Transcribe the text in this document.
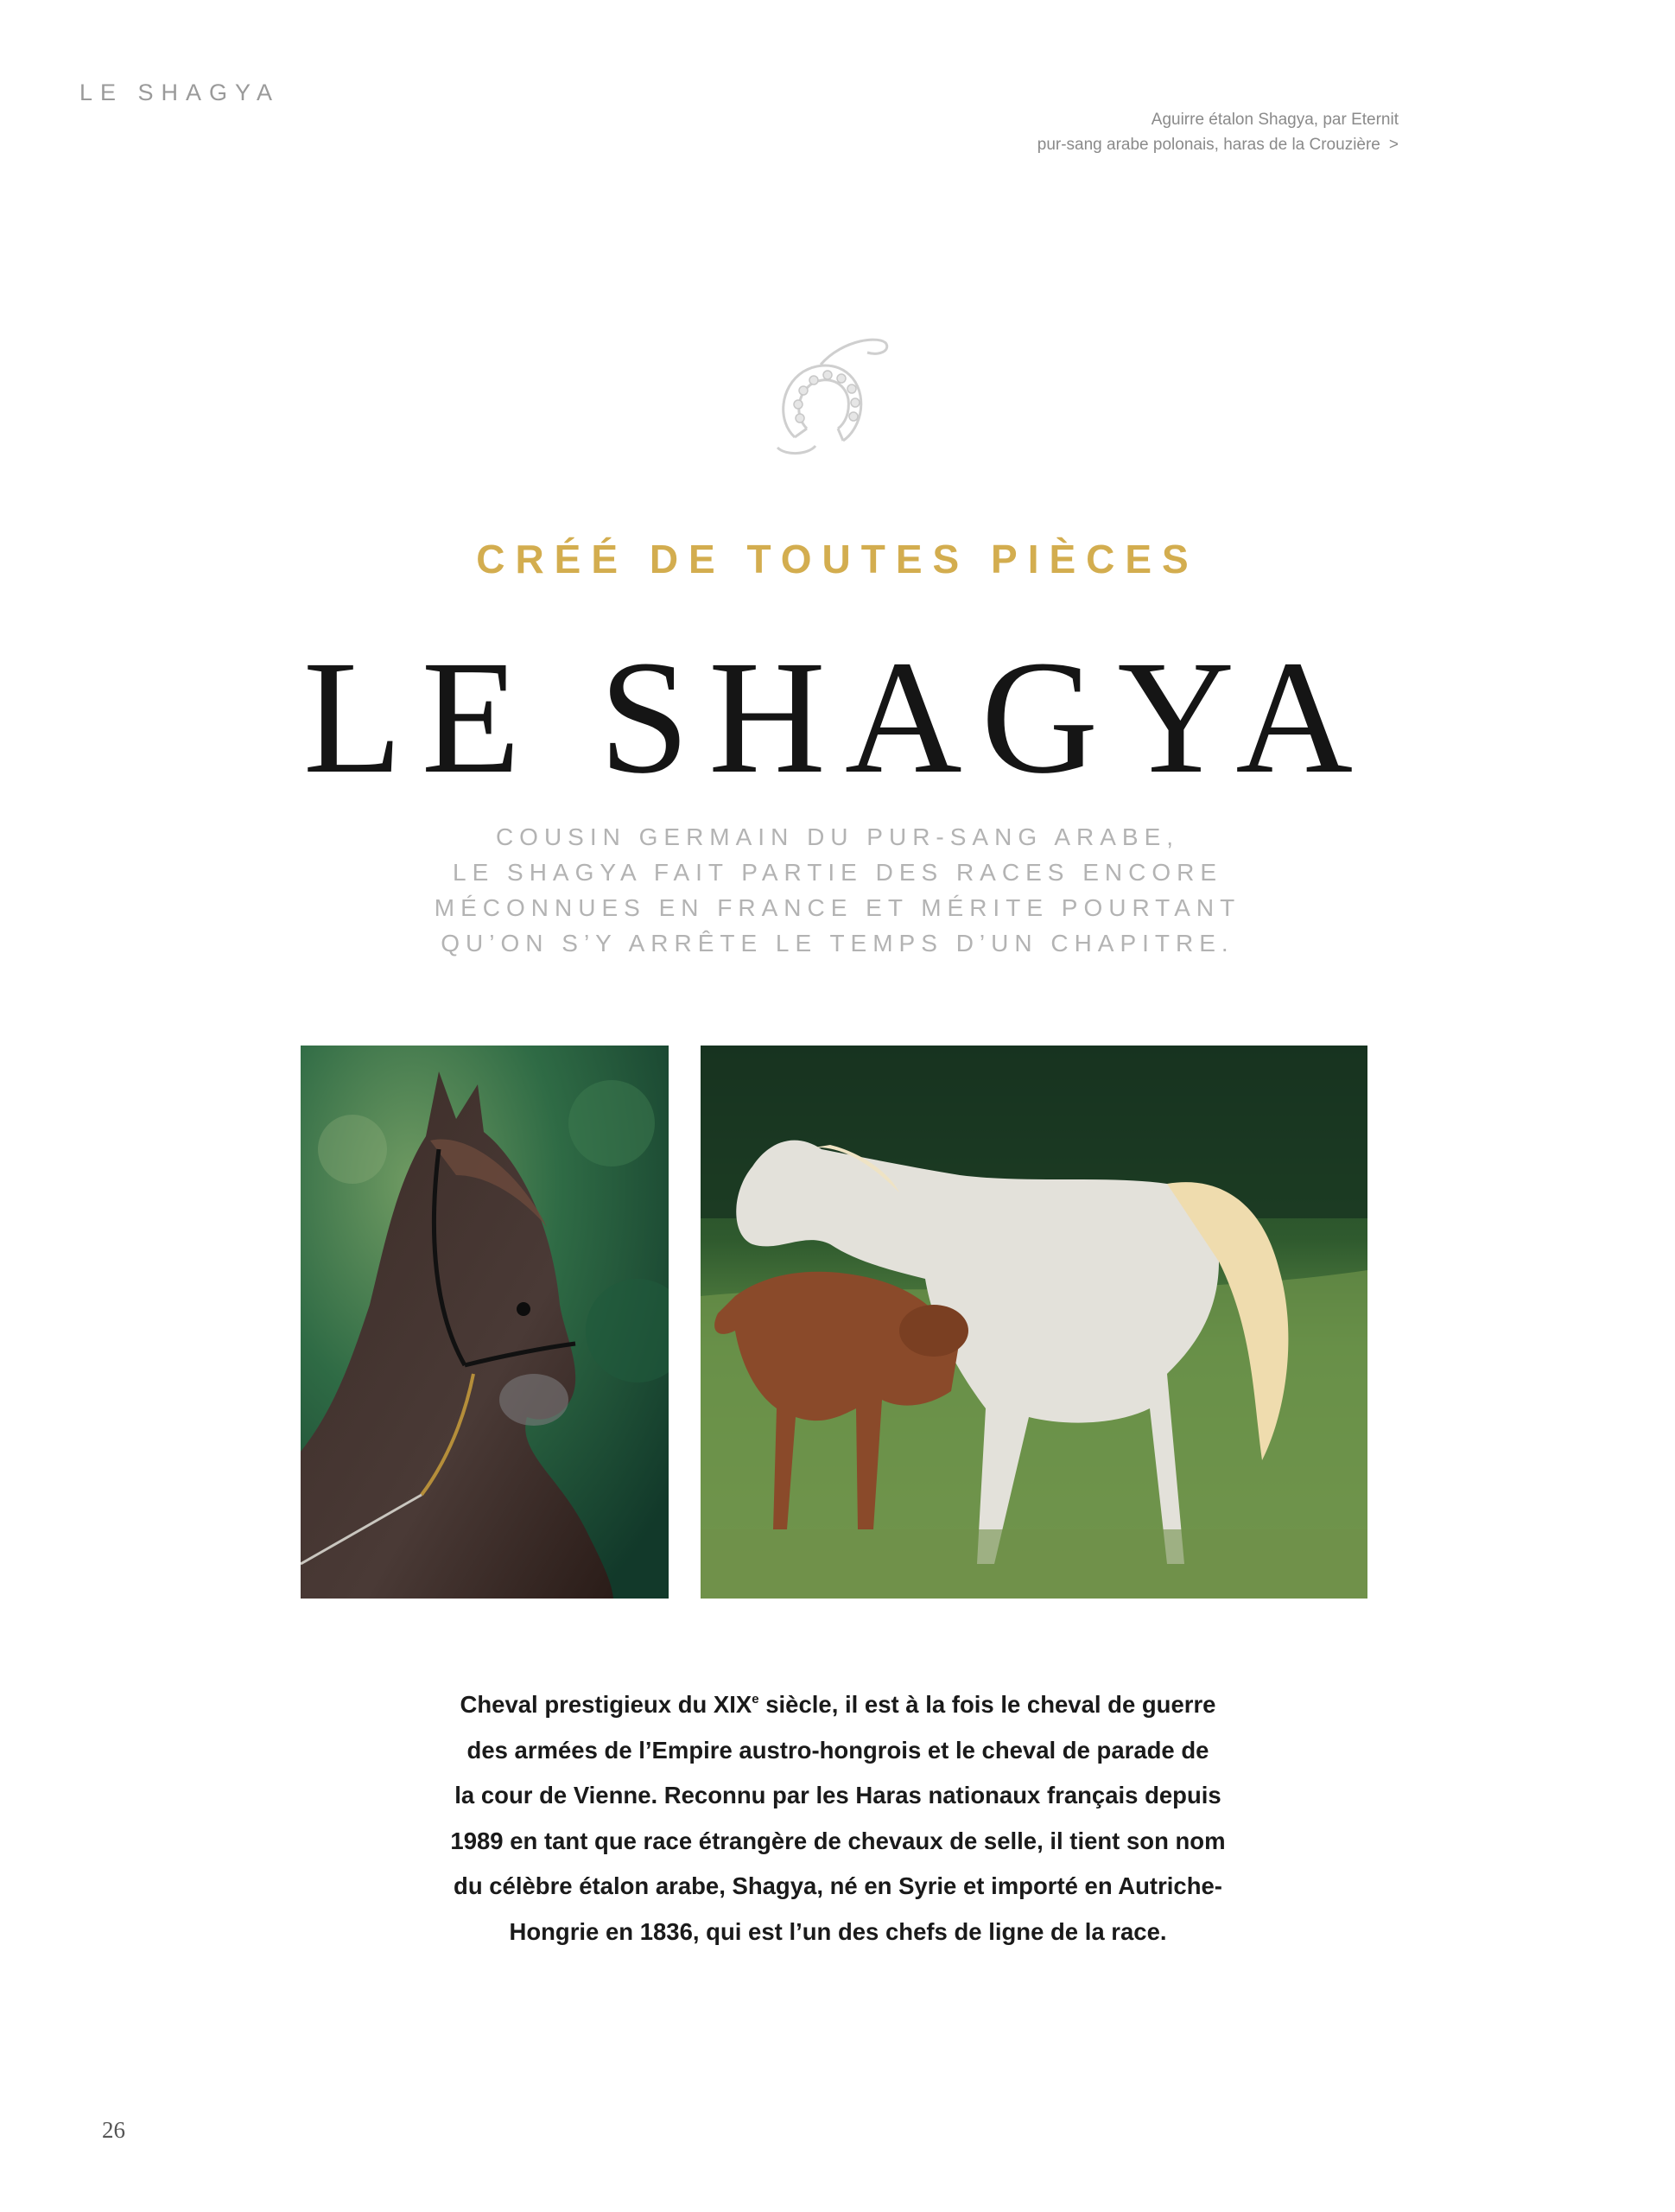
LE SHAGYA
Aguirre étalon Shagya, par Eternit
pur-sang arabe polonais, haras de la Crouzière >
CRÉÉ DE TOUTES PIÈCES
LE SHAGYA
COUSIN GERMAIN DU PUR-SANG ARABE,
LE SHAGYA FAIT PARTIE DES RACES ENCORE
MÉCONNUES EN FRANCE ET MÉRITE POURTANT
QU’ON S’Y ARRÊTE LE TEMPS D’UN CHAPITRE.
Cheval prestigieux du XIXe siècle, il est à la fois le cheval de guerre
des armées de l’Empire austro-hongrois et le cheval de parade de
la cour de Vienne. Reconnu par les Haras nationaux français depuis
1989 en tant que race étrangère de chevaux de selle, il tient son nom
du célèbre étalon arabe, Shagya, né en Syrie et importé en Autriche-
Hongrie en 1836, qui est l’un des chefs de ligne de la race.
26
